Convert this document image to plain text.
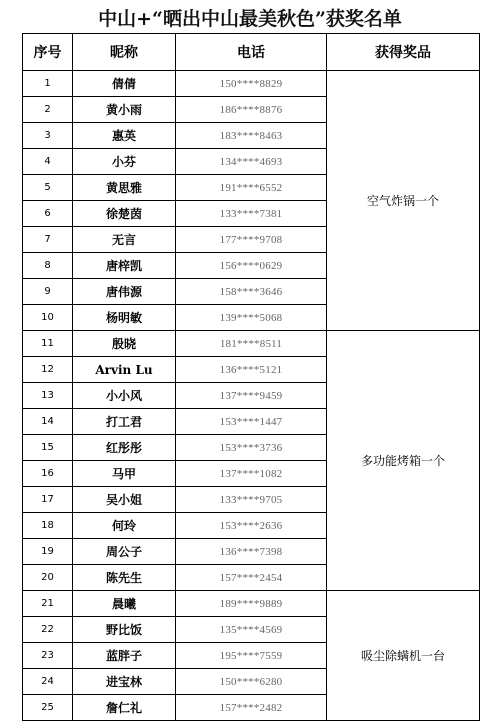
中山+“晒出中山最美秋色”获奖名单
序号	昵称	电话	获得奖品
1	倩倩	150****8829	空气炸锅一个
2	黄小雨	186****8876	
3	惠英	183****8463	
4	小芬	134****4693	
5	黄思雅	191****6552	
6	徐楚茵	133****7381	
7	无言	177****9708	
8	唐梓凯	156****0629	
9	唐伟源	158****3646	
10	杨明敏	139****5068	
11	殷晓	181****8511	多功能烤箱一个
12	Arvin Lu	136****5121	
13	小小风	137****9459	
14	打工君	153****1447	
15	红彤彤	153****3736	
16	马甲	137****1082	
17	吴小姐	133****9705	
18	何玲	153****2636	
19	周公子	136****7398	
20	陈先生	157****2454	
21	晨曦	189****9889	吸尘除螨机一台
22	野比饭	135****4569	
23	蓝胖子	195****7559	
24	进宝林	150****6280	
25	詹仁礼	157****2482	
